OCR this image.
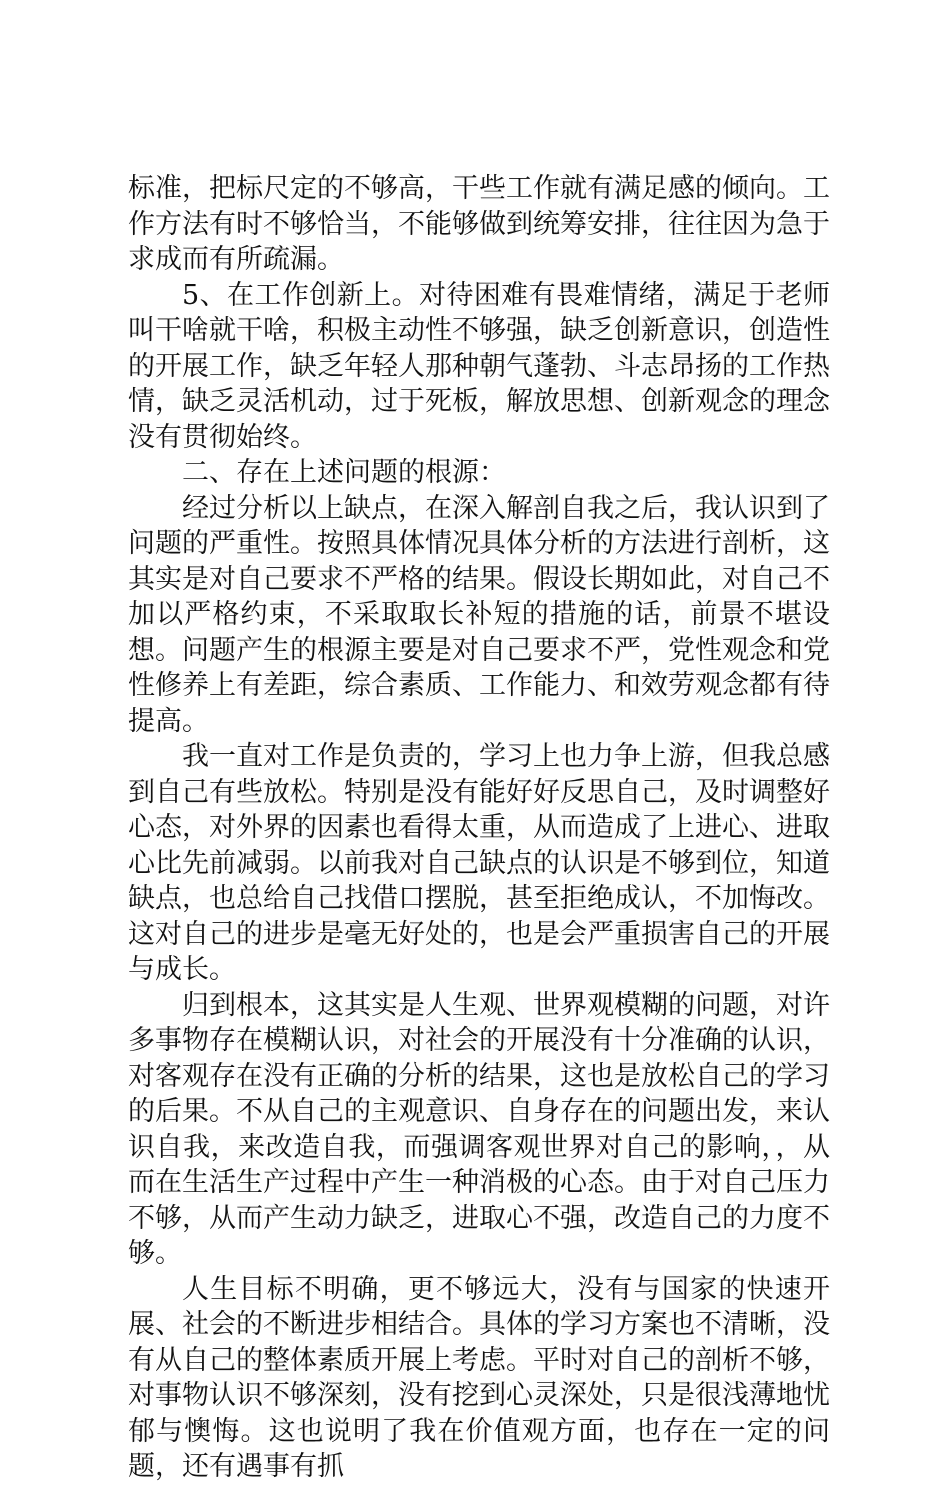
标准，把标尺定的不够高，干些工作就有满足感的倾向。工作方法有时不够恰当，不能够做到统筹安排，往往因为急于求成而有所疏漏。

5、在工作创新上。对待困难有畏难情绪，满足于老师叫干啥就干啥，积极主动性不够强，缺乏创新意识，创造性的开展工作，缺乏年轻人那种朝气蓬勃、斗志昂扬的工作热情，缺乏灵活机动，过于死板，解放思想、创新观念的理念没有贯彻始终。

二、存在上述问题的根源：

经过分析以上缺点，在深入解剖自我之后，我认识到了问题的严重性。按照具体情况具体分析的方法进行剖析，这其实是对自己要求不严格的结果。假设长期如此，对自己不加以严格约束，不采取取长补短的措施的话，前景不堪设想。问题产生的根源主要是对自己要求不严，党性观念和党性修养上有差距，综合素质、工作能力、和效劳观念都有待提高。

我一直对工作是负责的，学习上也力争上游，但我总感到自己有些放松。特别是没有能好好反思自己，及时调整好心态，对外界的因素也看得太重，从而造成了上进心、进取心比先前减弱。以前我对自己缺点的认识是不够到位，知道缺点，也总给自己找借口摆脱，甚至拒绝成认，不加悔改。这对自己的进步是毫无好处的，也是会严重损害自己的开展与成长。

归到根本，这其实是人生观、世界观模糊的问题，对许多事物存在模糊认识，对社会的开展没有十分准确的认识，对客观存在没有正确的分析的结果，这也是放松自己的学习的后果。不从自己的主观意识、自身存在的问题出发，来认识自我，来改造自我，而强调客观世界对自己的影响，，从而在生活生产过程中产生一种消极的心态。由于对自己压力不够，从而产生动力缺乏，进取心不强，改造自己的力度不够。

人生目标不明确，更不够远大，没有与国家的快速开展、社会的不断进步相结合。具体的学习方案也不清晰，没有从自己的整体素质开展上考虑。平时对自己的剖析不够，对事物认识不够深刻，没有挖到心灵深处，只是很浅薄地忧郁与懊悔。这也说明了我在价值观方面，也存在一定的问题，还有遇事有抓
